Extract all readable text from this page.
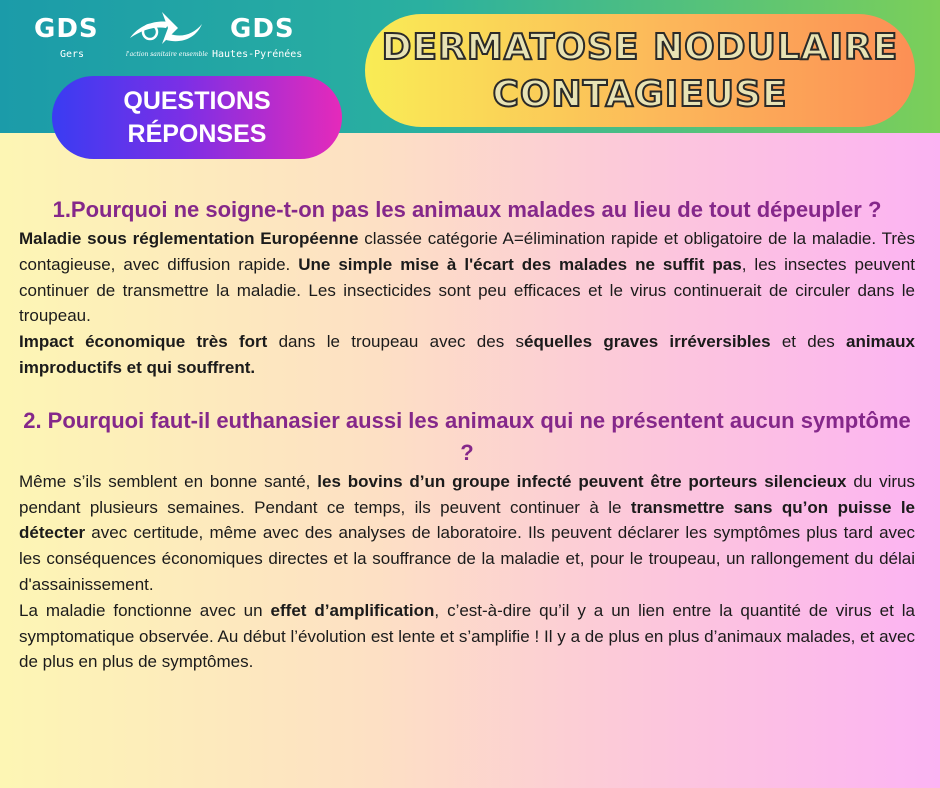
GDS
Gers	l'action sanitaire ensemble
GDS
Hautes-Pyrénées
QUESTIONS
RÉPONSES
DERMATOSE NODULAIRE
CONTAGIEUSE
1.Pourquoi ne soigne-t-on pas les animaux malades au lieu de tout dépeupler ?

Maladie sous réglementation Européenne classée catégorie A=élimination rapide et obligatoire de la maladie. Très contagieuse, avec diffusion rapide. Une simple mise à l'écart des malades ne suffit pas, les insectes peuvent continuer de transmettre la maladie. Les insecticides sont peu efficaces et le virus continuerait de circuler dans le troupeau.

Impact économique très fort dans le troupeau avec des séquelles graves irréversibles et des animaux improductifs et qui souffrent.

2. Pourquoi faut-il euthanasier aussi les animaux qui ne présentent aucun symptôme ?

Même s’ils semblent en bonne santé, les bovins d’un groupe infecté peuvent être porteurs silencieux du virus pendant plusieurs semaines. Pendant ce temps, ils peuvent continuer à le transmettre sans qu’on puisse le détecter avec certitude, même avec des analyses de laboratoire. Ils peuvent déclarer les symptômes plus tard avec les conséquences économiques directes et la souffrance de la maladie et, pour le troupeau, un rallongement du délai d'assainissement.

La maladie fonctionne avec un effet d’amplification, c’est-à-dire qu’il y a un lien entre la quantité de virus et la symptomatique observée. Au début l’évolution est lente et s’amplifie ! Il y a de plus en plus d’animaux malades, et avec de plus en plus de symptômes.
